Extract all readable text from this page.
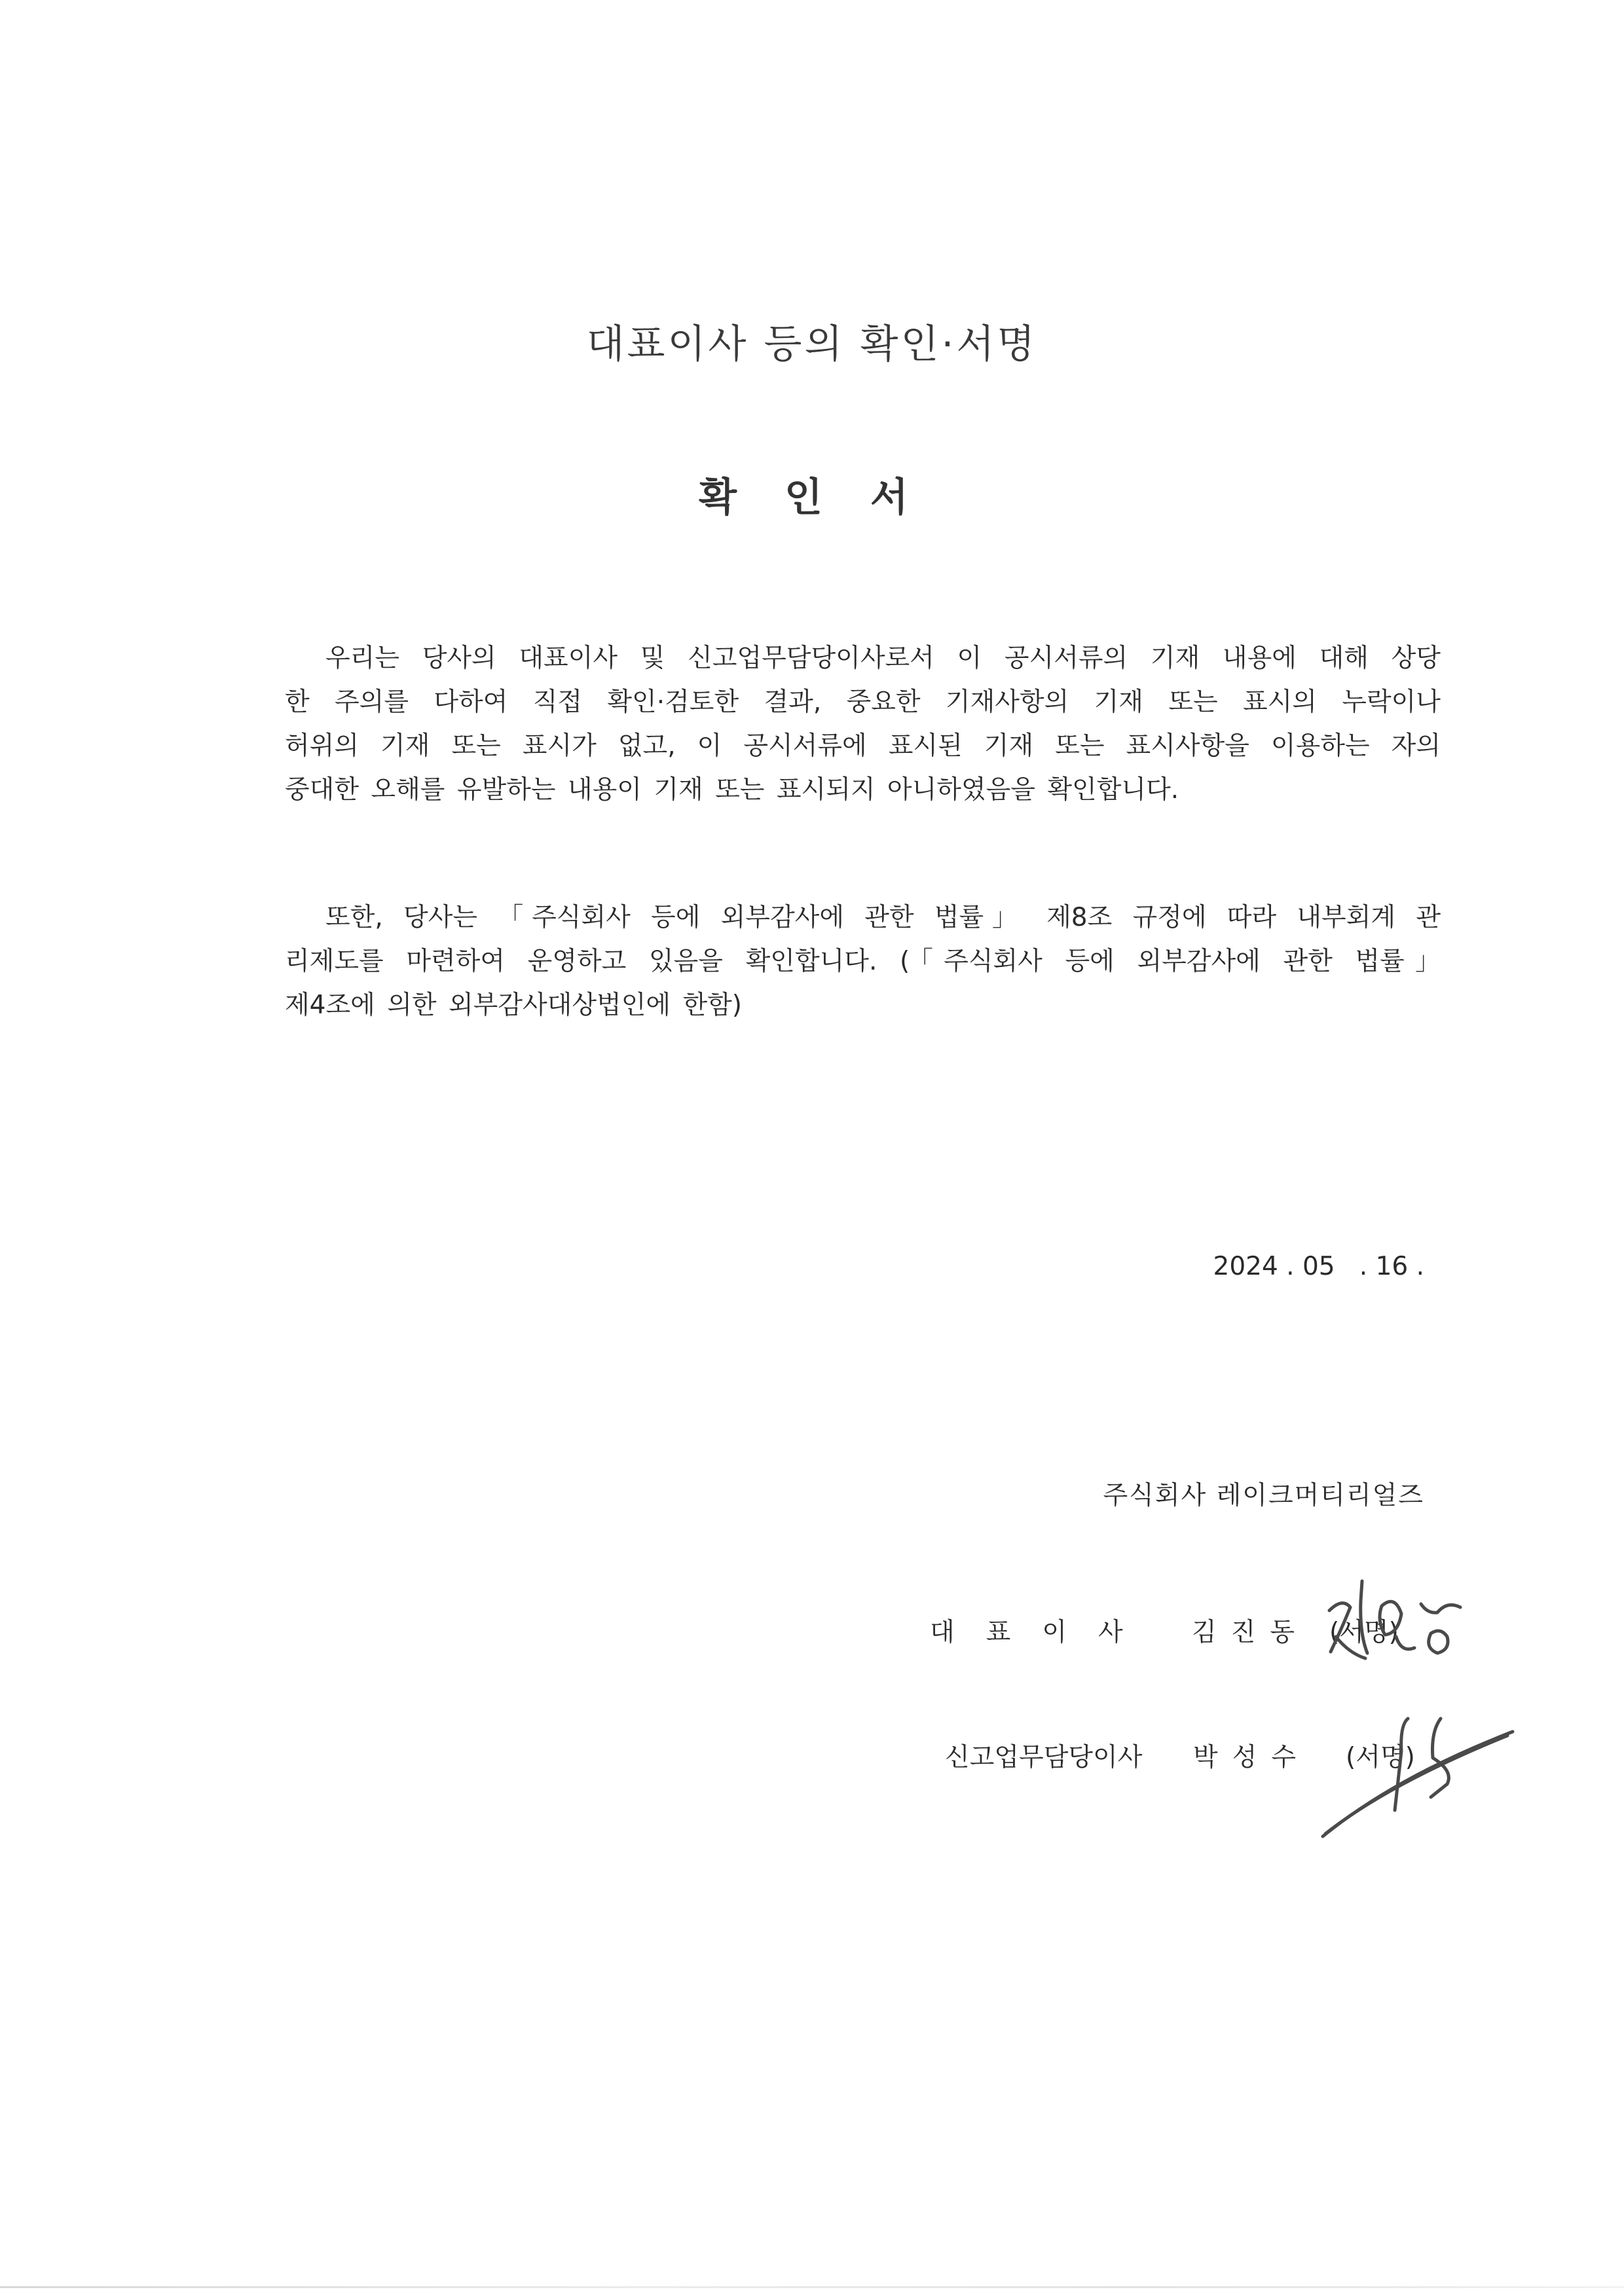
대표이사 등의 확인·서명
확 인 서
우리는 당사의 대표이사 및 신고업무담당이사로서 이 공시서류의 기재 내용에 대해 상당
한 주의를 다하여 직접 확인·검토한 결과, 중요한 기재사항의 기재 또는 표시의 누락이나
허위의 기재 또는 표시가 없고, 이 공시서류에 표시된 기재 또는 표시사항을 이용하는 자의
중대한 오해를 유발하는 내용이 기재 또는 표시되지 아니하였음을 확인합니다.
또한, 당사는 「주식회사 등에 외부감사에 관한 법률」 제8조 규정에 따라 내부회계 관
리제도를 마련하여 운영하고 있음을 확인합니다. (「주식회사 등에 외부감사에 관한 법률」
제4조에 의한 외부감사대상법인에 한함)
2024 . 05   . 16 .
주식회사 레이크머티리얼즈
대표이사 김진동 (서명)
신고업무담당이사 박성수 (서명)
